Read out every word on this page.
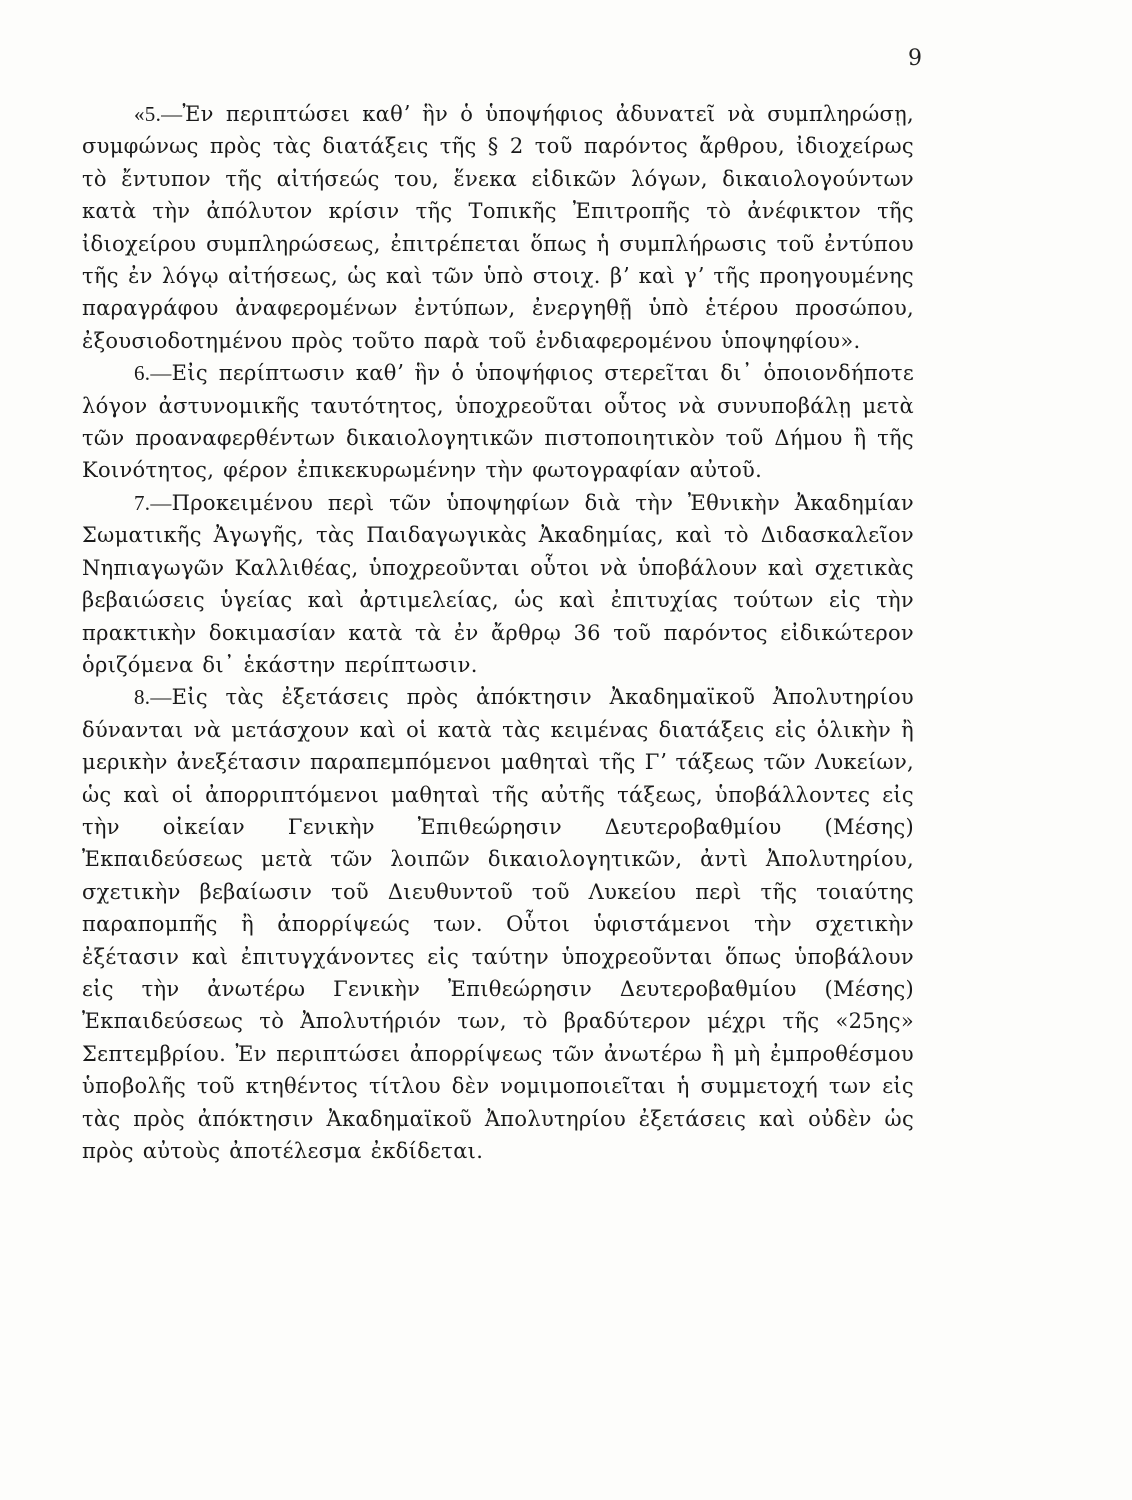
9

«5.—Ἐν περιπτώσει καθʼ ἣν ὁ ὑποψήφιος ἀδυνατεῖ νὰ συμπληρώσῃ, συμφώνως πρὸς τὰς διατάξεις τῆς § 2 τοῦ παρόντος ἄρθρου, ἰδιοχείρως τὸ ἔντυπον τῆς αἰτήσεώς του, ἕνεκα εἰδικῶν λόγων, δικαιολογούντων κατὰ τὴν ἀπόλυτον κρίσιν τῆς Τοπικῆς Ἐπιτροπῆς τὸ ἀνέφικτον τῆς ἰδιοχείρου συμπληρώσεως, ἐπιτρέπεται ὅπως ἡ συμπλήρωσις τοῦ ἐντύπου τῆς ἐν λόγῳ αἰτήσεως, ὡς καὶ τῶν ὑπὸ στοιχ. βʼ καὶ γʼ τῆς προηγουμένης παραγράφου ἀναφερομένων ἐντύπων, ἐνεργηθῇ ὑπὸ ἑτέρου προσώπου, ἐξουσιοδοτημένου πρὸς τοῦτο παρὰ τοῦ ἐνδιαφερομένου ὑποψηφίου».

6.—Εἰς περίπτωσιν καθʼ ἣν ὁ ὑποψήφιος στερεῖται δι᾽ ὁποιονδήποτε λόγον ἀστυνομικῆς ταυτότητος, ὑποχρεοῦται οὗτος νὰ συνυποβάλῃ μετὰ τῶν προαναφερθέντων δικαιολογητικῶν πιστοποιητικὸν τοῦ Δήμου ἢ τῆς Κοινότητος, φέρον ἐπικεκυρωμένην τὴν φωτογραφίαν αὐτοῦ.

7.—Προκειμένου περὶ τῶν ὑποψηφίων διὰ τὴν Ἐθνικὴν Ἀκαδημίαν Σωματικῆς Ἀγωγῆς, τὰς Παιδαγωγικὰς Ἀκαδημίας, καὶ τὸ Διδασκαλεῖον Νηπιαγωγῶν Καλλιθέας, ὑποχρεοῦνται οὗτοι νὰ ὑποβάλουν καὶ σχετικὰς βεβαιώσεις ὑγείας καὶ ἀρτιμελείας, ὡς καὶ ἐπιτυχίας τούτων εἰς τὴν πρακτικὴν δοκιμασίαν κατὰ τὰ ἐν ἄρθρῳ 36 τοῦ παρόντος εἰδικώτερον ὁριζόμενα δι᾽ ἑκάστην περίπτωσιν.

8.—Εἰς τὰς ἐξετάσεις πρὸς ἀπόκτησιν Ἀκαδημαϊκοῦ Ἀπολυτηρίου δύνανται νὰ μετάσχουν καὶ οἱ κατὰ τὰς κειμένας διατάξεις εἰς ὁλικὴν ἢ μερικὴν ἀνεξέτασιν παραπεμπόμενοι μαθηταὶ τῆς Γʼ τάξεως τῶν Λυκείων, ὡς καὶ οἱ ἀπορριπτόμενοι μαθηταὶ τῆς αὐτῆς τάξεως, ὑποβάλλοντες εἰς τὴν οἰκείαν Γενικὴν Ἐπιθεώρησιν Δευτεροβαθμίου (Μέσης) Ἐκπαιδεύσεως μετὰ τῶν λοιπῶν δικαιολογητικῶν, ἀντὶ Ἀπολυτηρίου, σχετικὴν βεβαίωσιν τοῦ Διευθυντοῦ τοῦ Λυκείου περὶ τῆς τοιαύτης παραπομπῆς ἢ ἀπορρίψεώς των. Οὗτοι ὑφιστάμενοι τὴν σχετικὴν ἐξέτασιν καὶ ἐπιτυγχάνοντες εἰς ταύτην ὑποχρεοῦνται ὅπως ὑποβάλουν εἰς τὴν ἀνωτέρω Γενικὴν Ἐπιθεώρησιν Δευτεροβαθμίου (Μέσης) Ἐκπαιδεύσεως τὸ Ἀπολυτήριόν των, τὸ βραδύτερον μέχρι τῆς «25ης» Σεπτεμβρίου. Ἐν περιπτώσει ἀπορρίψεως τῶν ἀνωτέρω ἢ μὴ ἐμπροθέσμου ὑποβολῆς τοῦ κτηθέντος τίτλου δὲν νομιμοποιεῖται ἡ συμμετοχή των εἰς τὰς πρὸς ἀπόκτησιν Ἀκαδημαϊκοῦ Ἀπολυτηρίου ἐξετάσεις καὶ οὐδὲν ὡς πρὸς αὐτοὺς ἀποτέλεσμα ἐκδίδεται.
